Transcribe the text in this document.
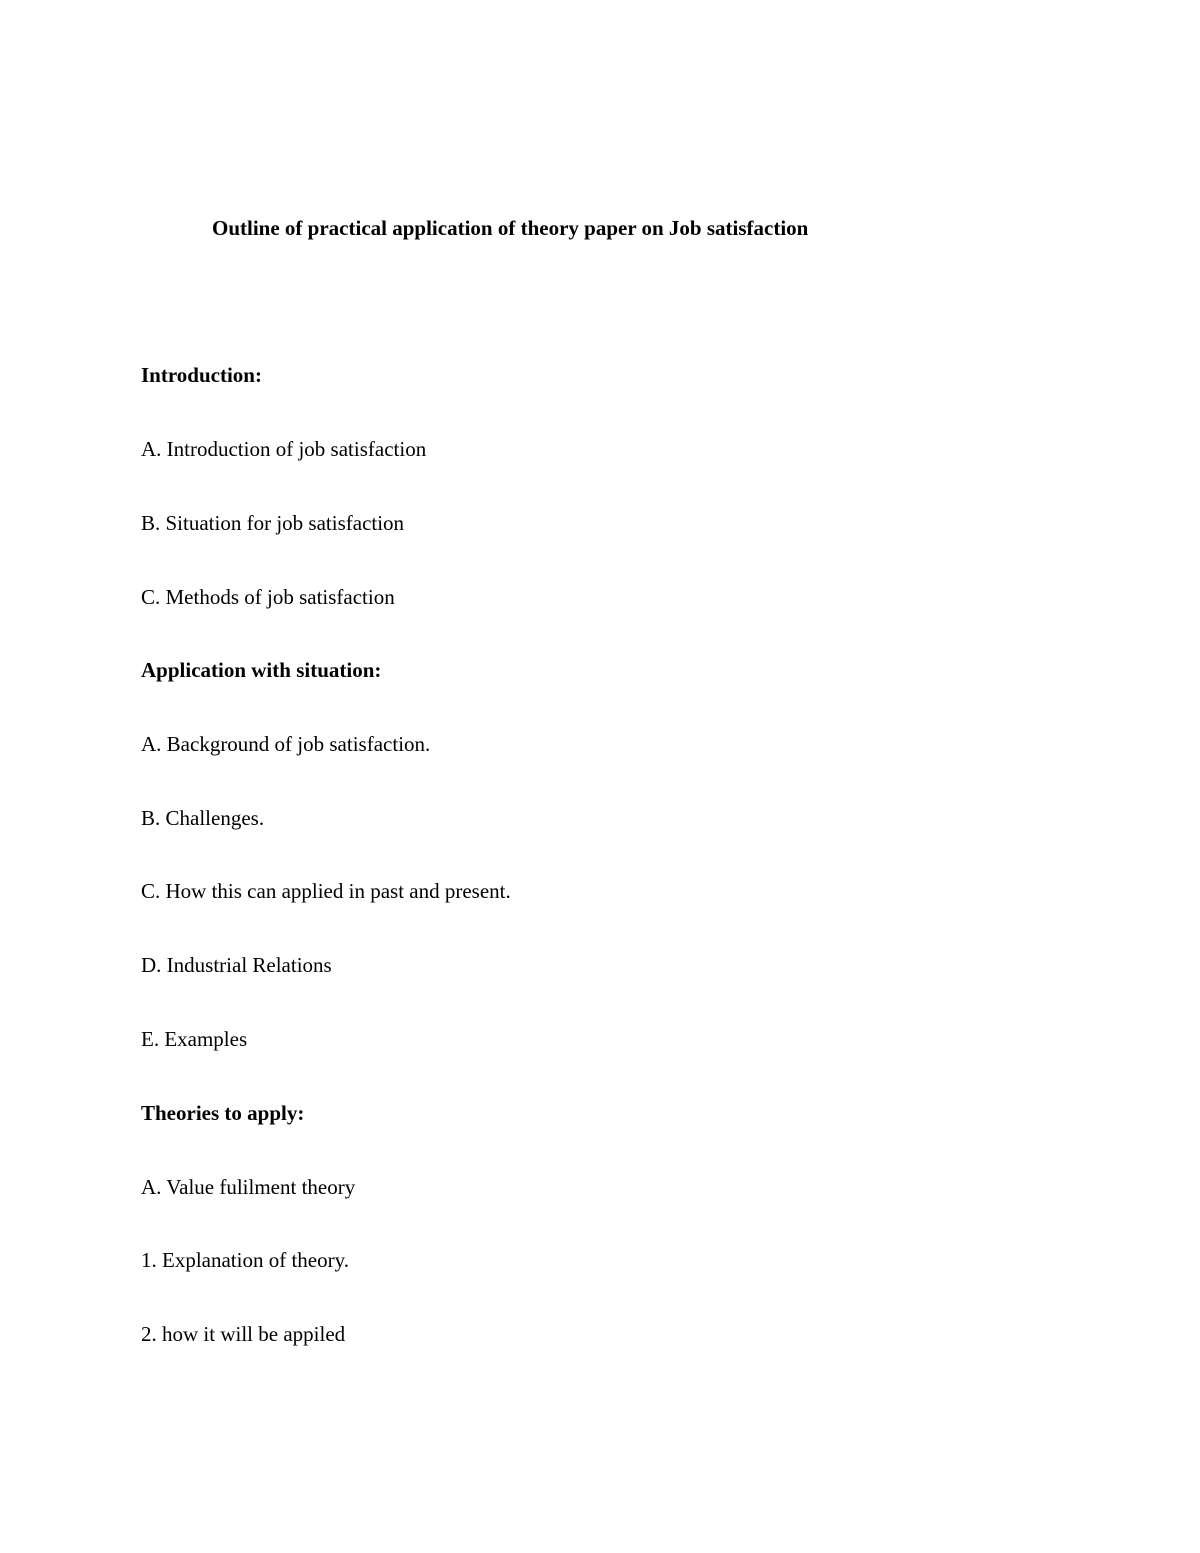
Outline of practical application of theory paper on Job satisfaction
Introduction:
A. Introduction of job satisfaction
B. Situation for job satisfaction
C. Methods of job satisfaction
Application with situation:
A. Background of job satisfaction.
B. Challenges.
C. How this can applied in past and present.
D. Industrial Relations
E. Examples
Theories to apply:
A. Value fulilment theory
1. Explanation of theory.
2. how it will be appiled
